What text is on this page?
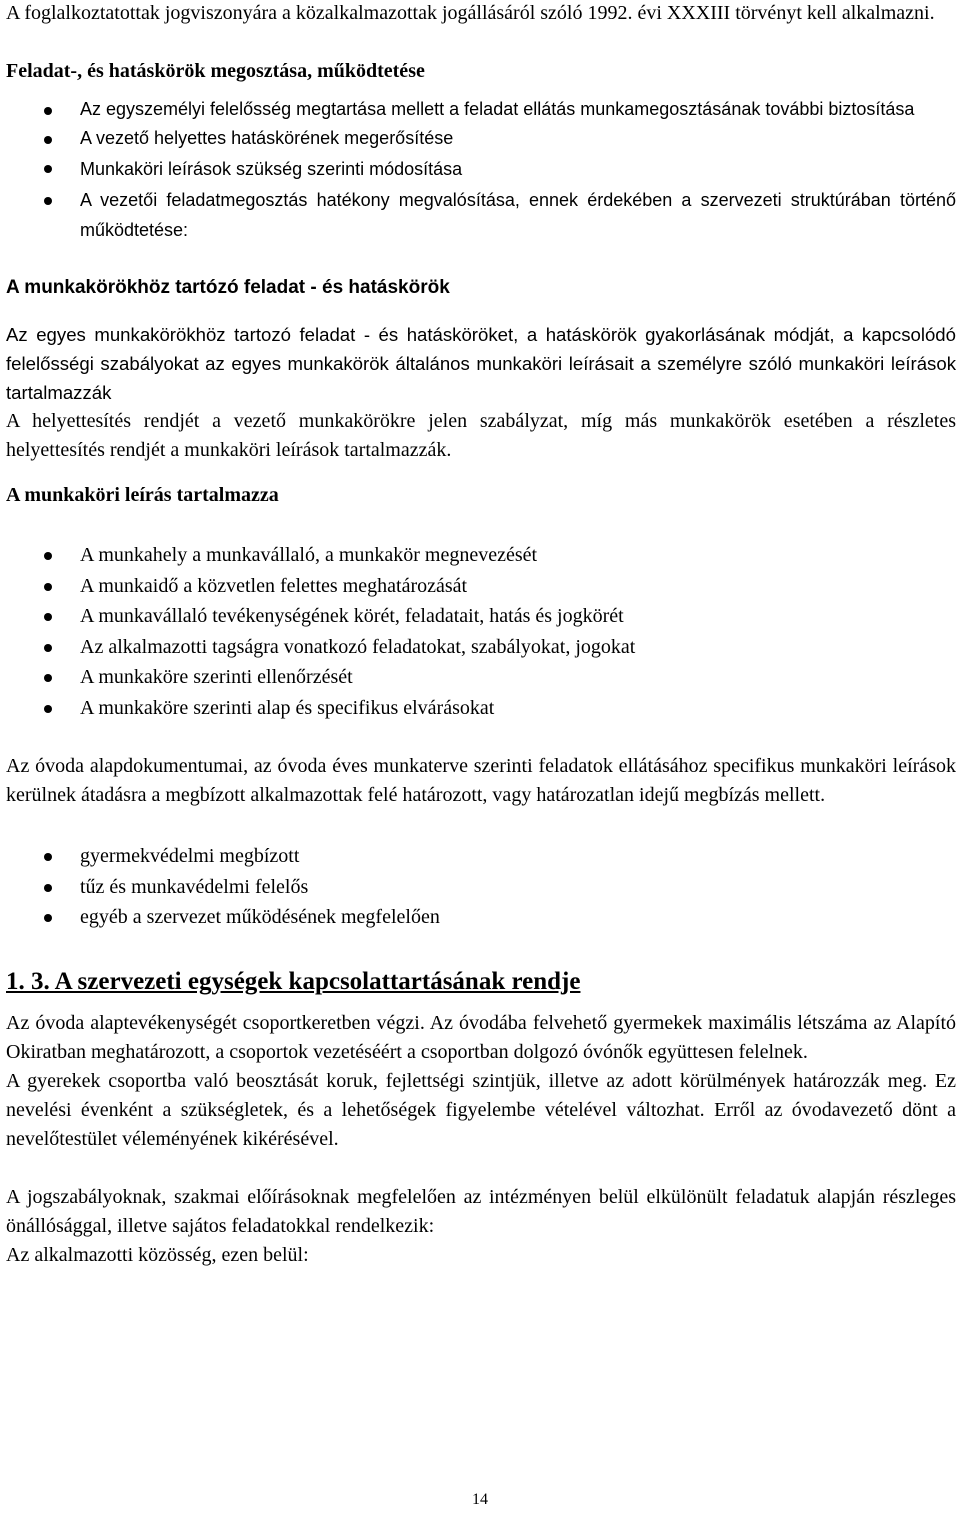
A foglalkoztatottak jogviszonyára a közalkalmazottak jogállásáról szóló 1992. évi XXXIII törvényt kell alkalmazni.

Feladat-, és hatáskörök megosztása, működtetése

Az egyszemélyi felelősség megtartása mellett a feladat ellátás munkamegosztásának további biztosítása
A vezető helyettes hatáskörének megerősítése
Munkaköri leírások szükség szerinti módosítása
A vezetői feladatmegosztás hatékony megvalósítása, ennek érdekében a szervezeti struktúrában történő működtetése:

A munkakörökhöz tartózó feladat - és hatáskörök

Az egyes munkakörökhöz tartozó feladat - és hatásköröket, a hatáskörök gyakorlásának módját, a kapcsolódó felelősségi szabályokat az egyes munkakörök általános munkaköri leírásait a személyre szóló munkaköri leírások tartalmazzák

A helyettesítés rendjét a vezető munkakörökre jelen szabályzat, míg más munkakörök esetében a részletes helyettesítés rendjét a munkaköri leírások tartalmazzák.

A munkaköri leírás tartalmazza

A munkahely a munkavállaló, a munkakör megnevezését
A munkaidő a közvetlen felettes meghatározását
A munkavállaló tevékenységének körét, feladatait, hatás és jogkörét
Az alkalmazotti tagságra vonatkozó feladatokat, szabályokat, jogokat
A munkaköre szerinti ellenőrzését
A munkaköre szerinti alap és specifikus elvárásokat

Az óvoda alapdokumentumai, az óvoda éves munkaterve szerinti feladatok ellátásához specifikus munkaköri leírások kerülnek átadásra a megbízott alkalmazottak felé határozott, vagy határozatlan idejű megbízás mellett.

gyermekvédelmi megbízott
tűz és munkavédelmi felelős
egyéb a szervezet működésének megfelelően

1. 3. A szervezeti egységek kapcsolattartásának rendje

Az óvoda alaptevékenységét csoportkeretben végzi. Az óvodába felvehető gyermekek maximális létszáma az Alapító Okiratban meghatározott, a csoportok vezetéséért a csoportban dolgozó óvónők együttesen felelnek.

A gyerekek csoportba való beosztását koruk, fejlettségi szintjük, illetve az adott körülmények határozzák meg. Ez nevelési évenként a szükségletek, és a lehetőségek figyelembe vételével változhat. Erről az óvodavezető dönt a nevelőtestület véleményének kikérésével.

A jogszabályoknak, szakmai előírásoknak megfelelően az intézményen belül elkülönült feladatuk alapján részleges önállósággal, illetve sajátos feladatokkal rendelkezik:

Az alkalmazotti közösség, ezen belül:

14
